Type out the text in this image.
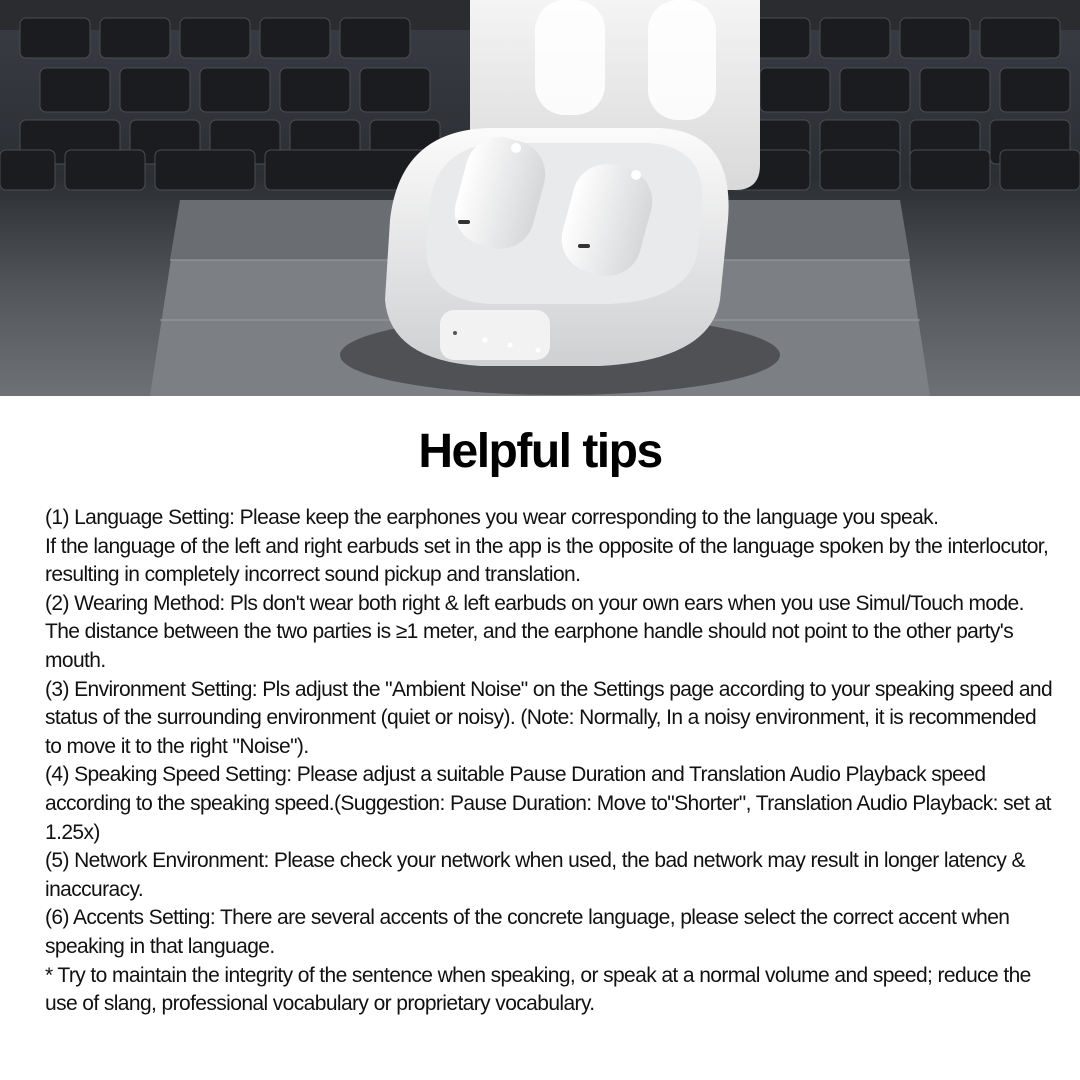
Helpful tips

(1) Language Setting: Please keep the earphones you wear corresponding to the language you speak.

If the language of the left and right earbuds set in the app is the opposite of the language spoken by the interlocutor, resulting in completely incorrect sound pickup and translation.

(2) Wearing Method: Pls don't wear both right & left earbuds on your own ears when you use Simul/Touch mode.

The distance between the two parties is ≥1 meter, and the earphone handle should not point to the other party's mouth.

(3) Environment Setting: Pls adjust the "Ambient Noise" on the Settings page according to your speaking speed and status of the surrounding environment (quiet or noisy). (Note: Normally, In a noisy environment, it is recommended to move it to the right "Noise").

(4) Speaking Speed Setting: Please adjust a suitable Pause Duration and Translation Audio Playback speed according to the speaking speed.(Suggestion: Pause Duration: Move to"Shorter", Translation Audio Playback: set at 1.25x)

(5) Network Environment: Please check your network when used, the bad network may result in longer latency & inaccuracy.

(6) Accents Setting: There are several accents of the concrete language, please select the correct accent when speaking in that language.

* Try to maintain the integrity of the sentence when speaking, or speak at a normal volume and speed; reduce the use of slang, professional vocabulary or proprietary vocabulary.
